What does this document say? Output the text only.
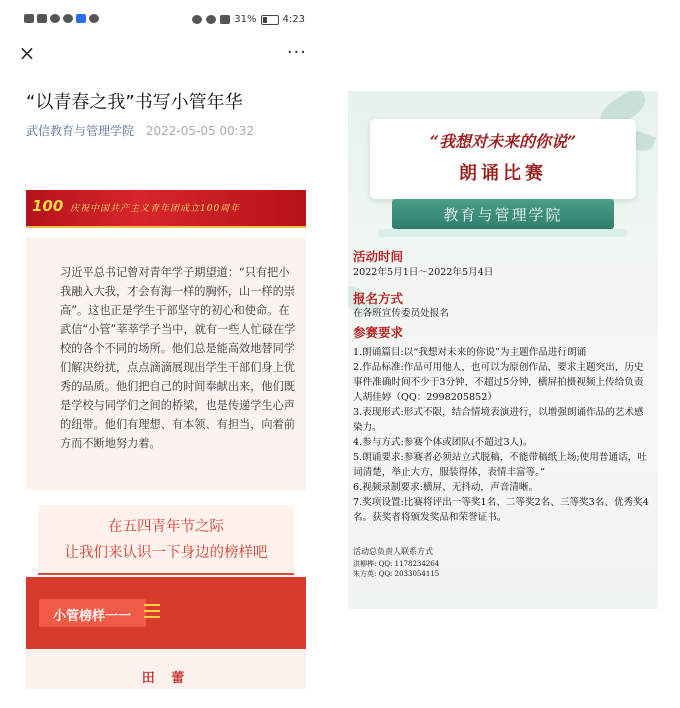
31%	4:23
×	···
“以青春之我”书写小管年华
武信教育与管理学院 2022-05-05 00:32
100 庆祝中国共产主义青年团成立100周年

习近平总书记曾对青年学子期望道：“只有把小我融入大我，才会有海一样的胸怀，山一样的崇高”。这也正是学生干部坚守的初心和使命。在武信“小管”莘莘学子当中，就有一些人忙碌在学校的各个不同的场所。他们总是能高效地替同学们解决纷扰，点点滴滴展现出学生干部们身上优秀的品质。他们把自己的时间奉献出来，他们既是学校与同学们之间的桥梁，也是传递学生心声的纽带。他们有理想、有本领、有担当，向着前方而不断地努力着。

在五四青年节之际
让我们来认识一下身边的榜样吧
小管榜样一一
田 蕾
“我想对未来的你说”
朗诵比赛
教育与管理学院
活动时间
2022年5月1日～2022年5月4日
报名方式
在各班宣传委员处报名
参赛要求
1.朗诵篇目:以“我想对未来的你说”为主题作品进行朗诵
2.作品标准:作品可用他人，也可以为原创作品，要求主题突出，历史事件准确时间不少于3分钟，不超过5分钟，横屏拍摄视频上传给负责人胡佳婷（QQ：2998205852）
3.表现形式:形式不限，结合情境表演进行，以增强朗诵作品的艺术感染力。
4.参与方式:参赛个体或团队(不超过3人)。
5.朗诵要求:参赛者必须站立式脱稿，不能带稿纸上场;使用普通话，吐词清楚，举止大方，服装得体，表情丰富等。”
6.视频录制要求:横屏、无抖动，声音清晰。
7.奖项设置:比赛将评出一等奖1名、二等奖2名、三等奖3名、优秀奖4名。获奖者将颁发奖品和荣誉证书。
活动总负责人联系方式
洪柳桦: QQ: 1178234264
朱方英: QQ: 2033054115
